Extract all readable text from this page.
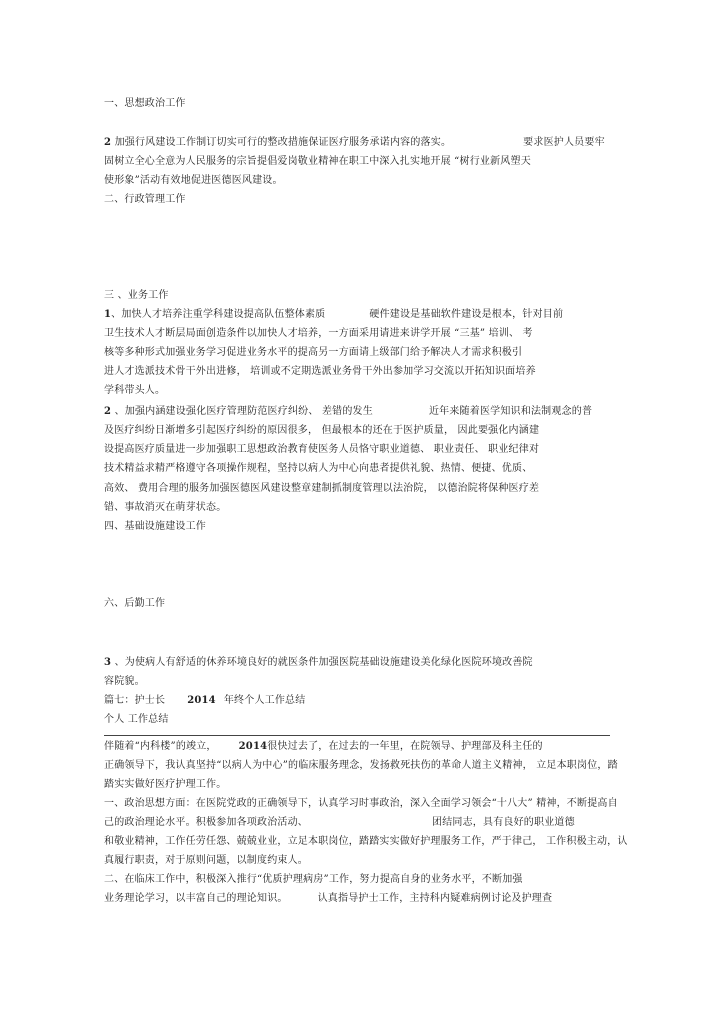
一、思想政治工作
2 加强行风建设工作制订切实可行的整改措施保证医疗服务承诺内容的落实。	要求医护人员要牢
固树立全心全意为人民服务的宗旨提倡爱岗敬业精神在职工中深入扎实地开展 “树行业新风塑天
使形象”活动有效地促进医德医风建设。
二、行政管理工作
三 、业务工作
1、加快人才培养注重学科建设提高队伍整体素质	硬件建设是基础软件建设是根本，针对目前
卫生技术人才断层局面创造条件以加快人才培养，一方面采用请进来讲学开展 “三基” 培训、 考
核等多种形式加强业务学习促进业务水平的提高另一方面请上级部门给予解决人才需求积极引
进人才选派技术骨干外出进修， 培训或不定期选派业务骨干外出参加学习交流以开拓知识面培养
学科带头人。
2 、加强内涵建设强化医疗管理防范医疗纠纷、 差错的发生	近年来随着医学知识和法制观念的普
及医疗纠纷日渐增多引起医疗纠纷的原因很多， 但最根本的还在于医护质量， 因此要强化内涵建
设提高医疗质量进一步加强职工思想政治教育使医务人员恪守职业道德、 职业责任、 职业纪律对
技术精益求精严格遵守各项操作规程，坚持以病人为中心向患者提供礼貌、热情、便捷、优质、
高效、 费用合理的服务加强医德医风建设整章建制抓制度管理以法治院， 以德治院将保种医疗差
错、事故消灭在萌芽状态。
四、基础设施建设工作
六、后勤工作
3 、为使病人有舒适的休养环境良好的就医条件加强医院基础设施建设美化绿化医院环境改善院
容院貌。
篇七：护士长 2014 年终个人工作总结
个人 工作总结
伴随着“内科楼”的竣立， 2014很快过去了，在过去的一年里，在院领导、护理部及科主任的
正确领导下，我认真坚持“以病人为中心”的临床服务理念，发扬救死扶伤的革命人道主义精神， 立足本职岗位，踏
踏实实做好医疗护理工作。
一、政治思想方面：在医院党政的正确领导下，认真学习时事政治，深入全面学习领会“十八大” 精神，不断提高自
己的政治理论水平。积极参加各项政治活动、	团结同志，具有良好的职业道德
和敬业精神，工作任劳任怨、兢兢业业，立足本职岗位，踏踏实实做好护理服务工作，严于律己， 工作积极主动，认
真履行职责，对于原则问题，以制度约束人。
二、在临床工作中，积极深入推行“优质护理病房”工作，努力提高自身的业务水平，不断加强
业务理论学习，以丰富自己的理论知识。	认真指导护士工作，主持科内疑难病例讨论及护理查
